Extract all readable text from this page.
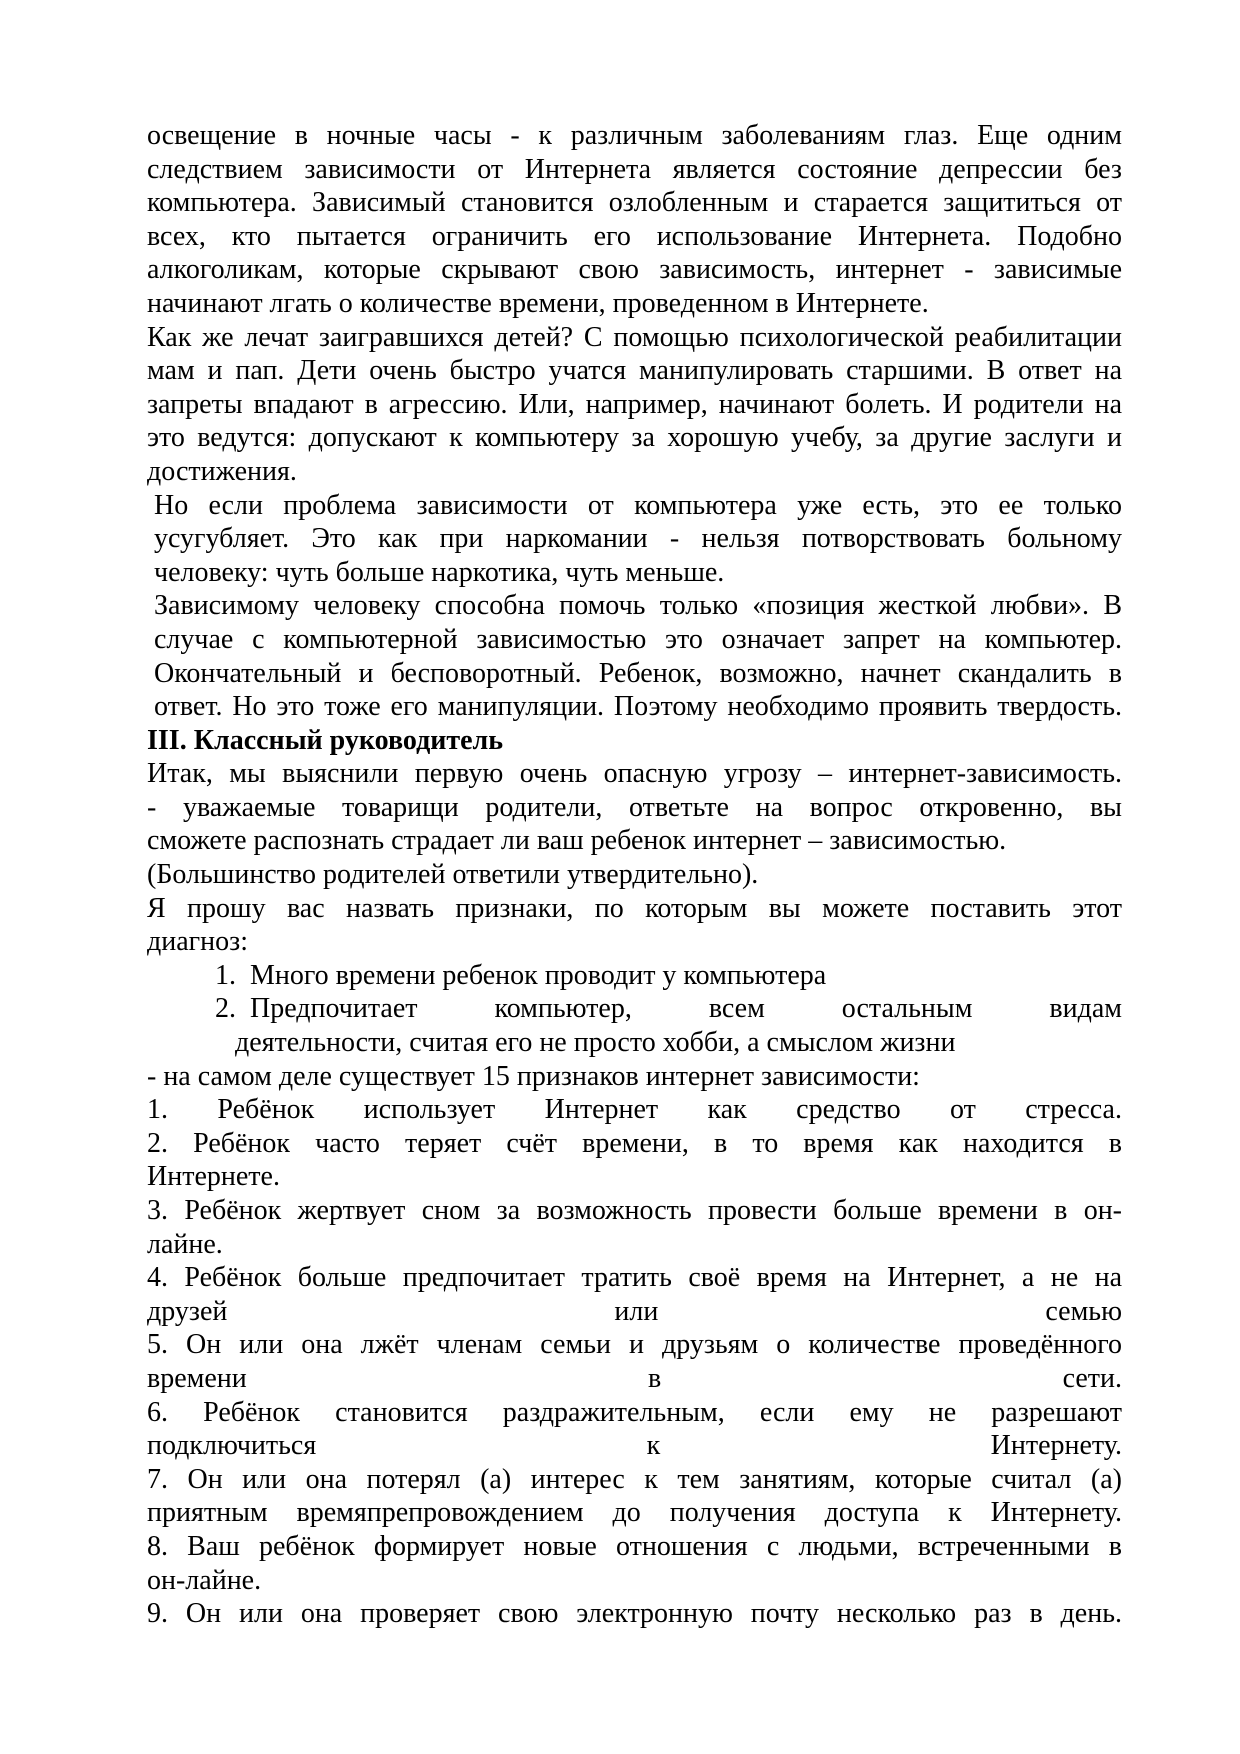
освещение в ночные часы - к различным заболеваниям глаз. Еще одним
следствием зависимости от Интернета является состояние депрессии без
компьютера. Зависимый становится озлобленным и старается защититься от
всех, кто пытается ограничить его использование Интернета. Подобно
алкоголикам, которые скрывают свою зависимость, интернет - зависимые
начинают лгать о количестве времени, проведенном в Интернете.
Как же лечат заигравшихся детей? С помощью психологической реабилитации
мам и пап. Дети очень быстро учатся манипулировать старшими. В ответ на
запреты впадают в агрессию. Или, например, начинают болеть. И родители на
это ведутся: допускают к компьютеру за хорошую учебу, за другие заслуги и
достижения.
Но если проблема зависимости от компьютера уже есть, это ее только
усугубляет. Это как при наркомании - нельзя потворствовать больному
человеку: чуть больше наркотика, чуть меньше.
Зависимому человеку способна помочь только «позиция жесткой любви». В
случае с компьютерной зависимостью это означает запрет на компьютер.
Окончательный и бесповоротный. Ребенок, возможно, начнет скандалить в
ответ. Но это тоже его манипуляции. Поэтому необходимо проявить твердость.
III. Классный руководитель
Итак, мы выяснили первую очень опасную угрозу – интернет-зависимость.
- уважаемые товарищи родители, ответьте на вопрос откровенно, вы
сможете распознать страдает ли ваш ребенок интернет – зависимостью.
(Большинство родителей ответили утвердительно).
Я прошу вас назвать признаки, по которым вы можете поставить этот
диагноз:
1. Много времени ребенок проводит у компьютера
2. Предпочитает компьютер, всем остальным видам
деятельности, считая его не просто хобби, а смыслом жизни
- на самом деле существует 15 признаков интернет зависимости:
1. Ребёнок использует Интернет как средство от стресса.
2. Ребёнок часто теряет счёт времени, в то время как находится в
Интернете.
3. Ребёнок жертвует сном за возможность провести больше времени в он-
лайне.
4. Ребёнок больше предпочитает тратить своё время на Интернет, а не на
друзей или семью
5. Он или она лжёт членам семьи и друзьям о количестве проведённого
времени в сети.
6. Ребёнок становится раздражительным, если ему не разрешают
подключиться к Интернету.
7. Он или она потерял (а) интерес к тем занятиям, которые считал (а)
приятным времяпрепровождением до получения доступа к Интернету.
8. Ваш ребёнок формирует новые отношения с людьми, встреченными в
он-лайне.
9. Он или она проверяет свою электронную почту несколько раз в день.
